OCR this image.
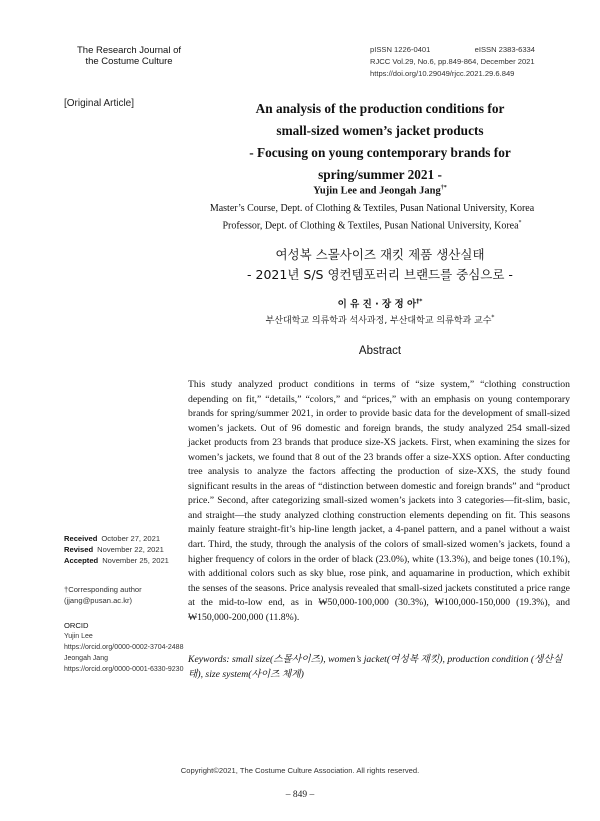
The Research Journal of
the Costume Culture
pISSN 1226-0401	eISSN 2383-6334
RJCC Vol.29, No.6, pp.849-864, December 2021
https://doi.org/10.29049/rjcc.2021.29.6.849
[Original Article]	An analysis of the production conditions for
small-sized women’s jacket products
- Focusing on young contemporary brands for
spring/summer 2021 -
Yujin Lee and Jeongah Jang†*
Master’s Course, Dept. of Clothing & Textiles, Pusan National University, Korea
Professor, Dept. of Clothing & Textiles, Pusan National University, Korea*
여성복 스몰사이즈 재킷 제품 생산실태
- 2021년 S/S 영컨템포러리 브랜드를 중심으로 -
이 유 진 · 장 정 아†*
부산대학교 의류학과 석사과정, 부산대학교 의류학과 교수*
Abstract
This study analyzed product conditions in terms of “size system,” “clothing construction depending on fit,” “details,” “colors,” and “prices,” with an emphasis on young contemporary brands for spring/summer 2021, in order to provide basic data for the development of small-sized women’s jackets. Out of 96 domestic and foreign brands, the study analyzed 254 small-sized jacket products from 23 brands that produce size-XS jackets. First, when examining the sizes for women’s jackets, we found that 8 out of the 23 brands offer a size-XXS option. After conducting tree analysis to analyze the factors affecting the production of size-XXS, the study found significant results in the areas of “distinction between domestic and foreign brands” and “product price.” Second, after categorizing small-sized women’s jackets into 3 categories—fit-slim, basic, and straight—the study analyzed clothing construction elements depending on fit. This seasons mainly feature straight-fit’s hip-line length jacket, a 4-panel pattern, and a panel without a waist dart. Third, the study, through the analysis of the colors of small-sized women’s jackets, found a higher frequency of colors in the order of black (23.0%), white (13.3%), and beige tones (10.1%), with additional colors such as sky blue, rose pink, and aquamarine in production, which exhibit the senses of the seasons. Price analysis revealed that small-sized jackets constituted a price range at the mid-to-low end, as in ₩50,000-100,000 (30.3%), ₩100,000-150,000 (19.3%), and ₩150,000-200,000 (11.8%).
Keywords: small size(스몰사이즈), women’s jacket(여성복 재킷), production condition (생산실태), size system(사이즈 체계)
Received October 27, 2021
Revised November 22, 2021
Accepted November 25, 2021
†Corresponding author
(jjang@pusan.ac.kr)
ORCID
Yujin Lee
https://orcid.org/0000-0002-3704-2488
Jeongah Jang
https://orcid.org/0000-0001-6330-9230
Copyright©2021, The Costume Culture Association. All rights reserved.
– 849 –
